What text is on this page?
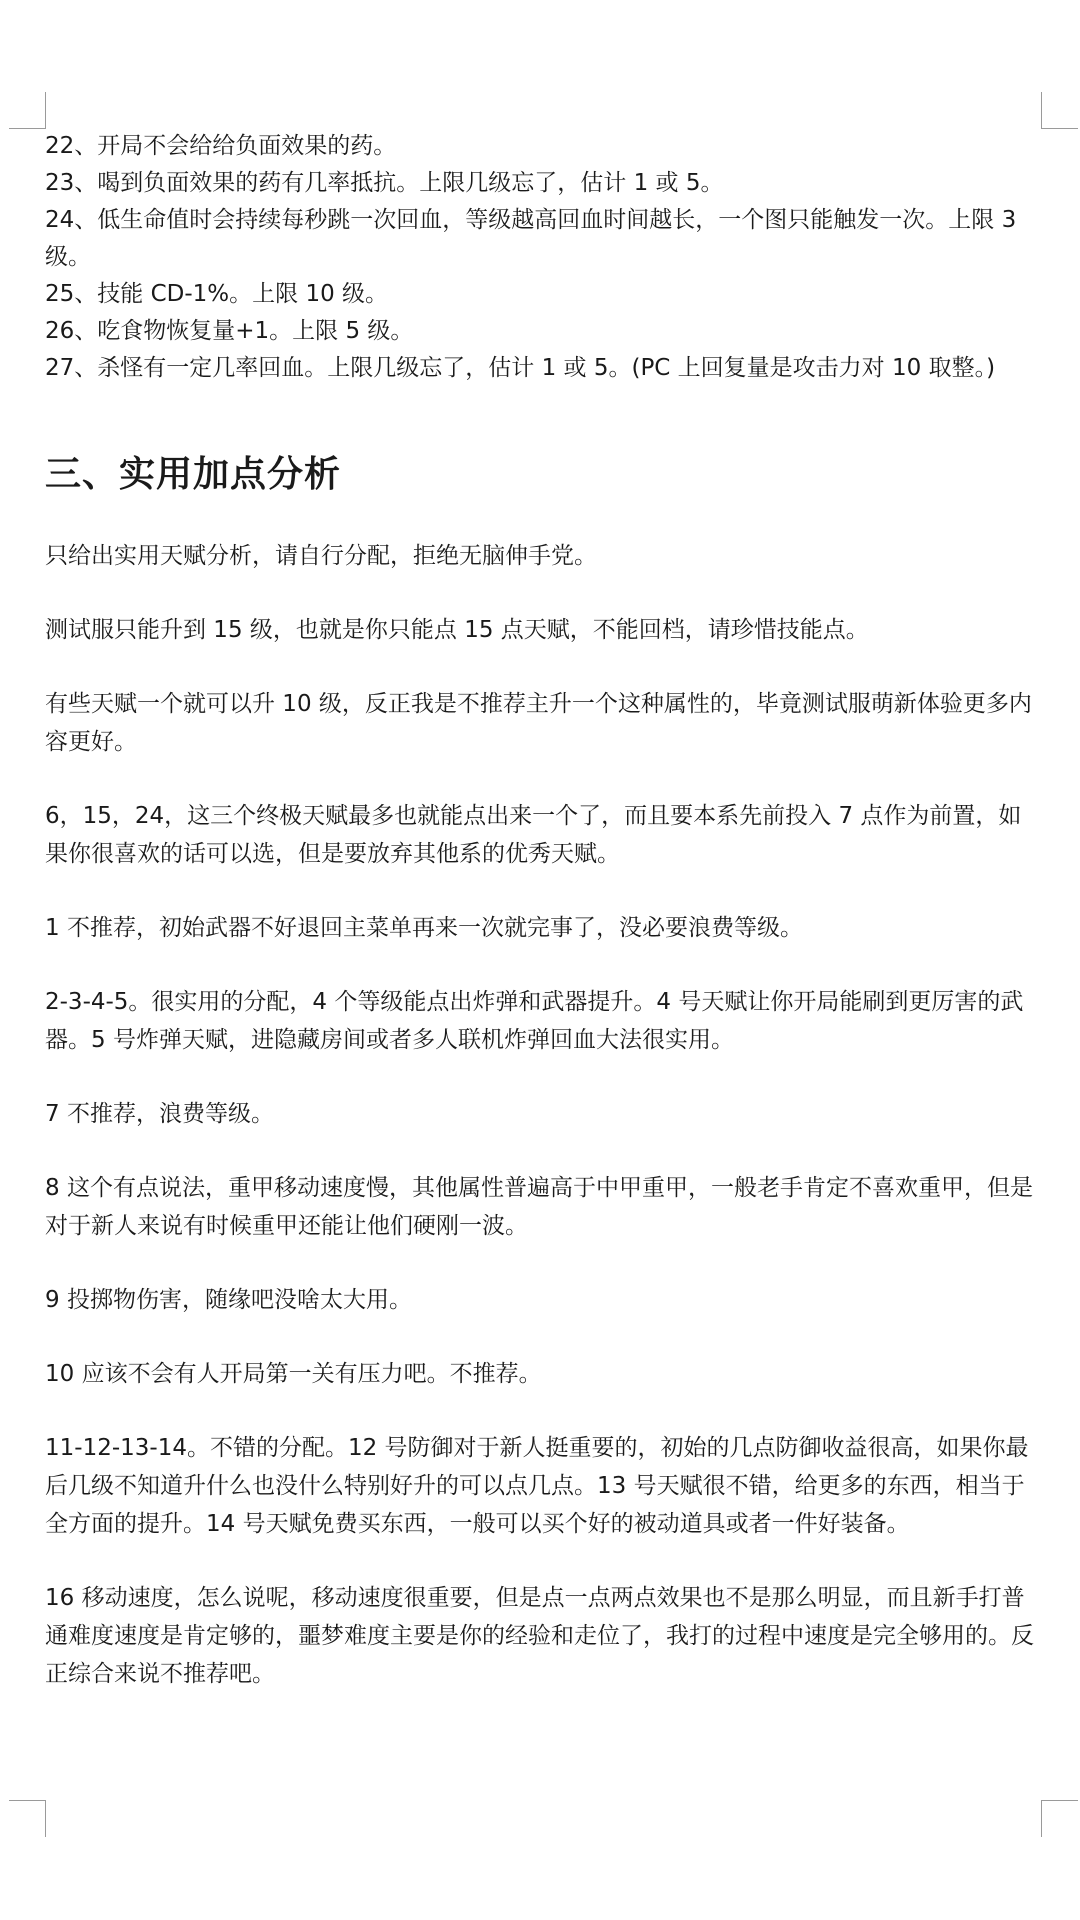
22、开局不会给给负面效果的药。

23、喝到负面效果的药有几率抵抗。上限几级忘了，估计 1 或 5。

24、低生命值时会持续每秒跳一次回血，等级越高回血时间越长，一个图只能触发一次。上限 3 级。

25、技能 CD-1%。上限 10 级。

26、吃食物恢复量+1。上限 5 级。

27、杀怪有一定几率回血。上限几级忘了，估计 1 或 5。(PC 上回复量是攻击力对 10 取整。)

三、实用加点分析

只给出实用天赋分析，请自行分配，拒绝无脑伸手党。

测试服只能升到 15 级，也就是你只能点 15 点天赋，不能回档，请珍惜技能点。

有些天赋一个就可以升 10 级，反正我是不推荐主升一个这种属性的，毕竟测试服萌新体验更多内容更好。

6，15，24，这三个终极天赋最多也就能点出来一个了，而且要本系先前投入 7 点作为前置，如果你很喜欢的话可以选，但是要放弃其他系的优秀天赋。

1 不推荐，初始武器不好退回主菜单再来一次就完事了，没必要浪费等级。

2-3-4-5。很实用的分配，4 个等级能点出炸弹和武器提升。4 号天赋让你开局能刷到更厉害的武器。5 号炸弹天赋，进隐藏房间或者多人联机炸弹回血大法很实用。

7 不推荐，浪费等级。

8 这个有点说法，重甲移动速度慢，其他属性普遍高于中甲重甲，一般老手肯定不喜欢重甲，但是对于新人来说有时候重甲还能让他们硬刚一波。

9 投掷物伤害，随缘吧没啥太大用。

10 应该不会有人开局第一关有压力吧。不推荐。

11-12-13-14。不错的分配。12 号防御对于新人挺重要的，初始的几点防御收益很高，如果你最后几级不知道升什么也没什么特别好升的可以点几点。13 号天赋很不错，给更多的东西，相当于全方面的提升。14 号天赋免费买东西，一般可以买个好的被动道具或者一件好装备。

16 移动速度，怎么说呢，移动速度很重要，但是点一点两点效果也不是那么明显，而且新手打普通难度速度是肯定够的，噩梦难度主要是你的经验和走位了，我打的过程中速度是完全够用的。反正综合来说不推荐吧。
